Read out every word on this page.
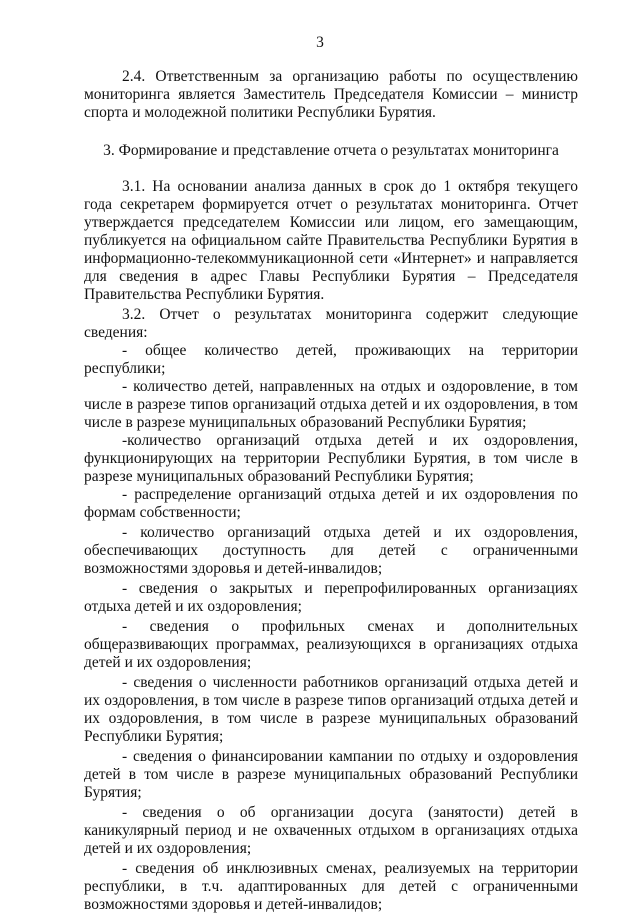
3

2.4. Ответственным за организацию работы по осуществлению мониторинга является Заместитель Председателя Комиссии – министр спорта и молодежной политики Республики Бурятия.

3. Формирование и представление отчета о результатах мониторинга

3.1. На основании анализа данных в срок до 1 октября текущего года секретарем формируется отчет о результатах мониторинга. Отчет утверждается председателем Комиссии или лицом, его замещающим, публикуется на официальном сайте Правительства Республики Бурятия в информационно-телекоммуникационной сети «Интернет» и направляется для сведения в адрес Главы Республики Бурятия – Председателя Правительства Республики Бурятия.

3.2. Отчет о результатах мониторинга содержит следующие сведения:

- общее количество детей, проживающих на территории республики;

- количество детей, направленных на отдых и оздоровление, в том числе в разрезе типов организаций отдыха детей и их оздоровления, в том числе в разрезе муниципальных образований Республики Бурятия;

-количество организаций отдыха детей и их оздоровления, функционирующих на территории Республики Бурятия, в том числе в разрезе муниципальных образований Республики Бурятия;

- распределение организаций отдыха детей и их оздоровления по формам собственности;

- количество организаций отдыха детей и их оздоровления, обеспечивающих доступность для детей с ограниченными возможностями здоровья и детей-инвалидов;

- сведения о закрытых и перепрофилированных организациях отдыха детей и их оздоровления;

- сведения о профильных сменах и дополнительных общеразвивающих программах, реализующихся в организациях отдыха детей и их оздоровления;

- сведения о численности работников организаций отдыха детей и их оздоровления, в том числе в разрезе типов организаций отдыха детей и их оздоровления, в том числе в разрезе муниципальных образований Республики Бурятия;

- сведения о финансировании кампании по отдыху и оздоровления детей в том числе в разрезе муниципальных образований Республики Бурятия;

- сведения о об организации досуга (занятости) детей в каникулярный период и не охваченных отдыхом в организациях отдыха детей и их оздоровления;

- сведения об инклюзивных сменах, реализуемых на территории республики, в т.ч. адаптированных для детей с ограниченными возможностями здоровья и детей-инвалидов;
